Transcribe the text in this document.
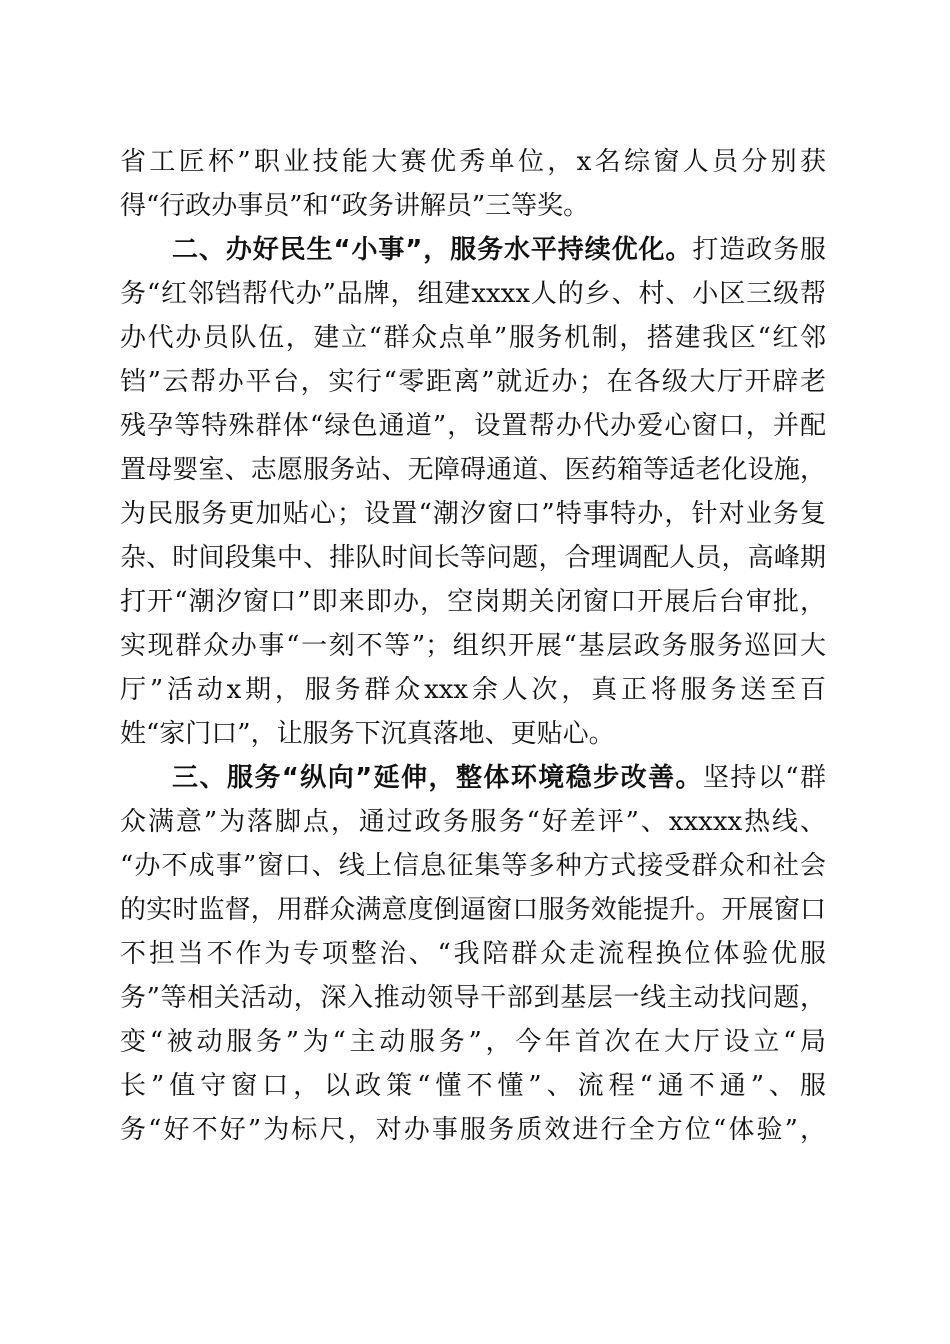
省工匠杯”职业技能大赛优秀单位，x名综窗人员分别获
得“行政办事员”和“政务讲解员”三等奖。
二、办好民生“小事”，服务水平持续优化。打造政务服
务“红邻铛帮代办”品牌，组建xxxx人的乡、村、小区三级帮
办代办员队伍，建立“群众点单”服务机制，搭建我区“红邻
铛”云帮办平台，实行“零距离”就近办；在各级大厅开辟老
残孕等特殊群体“绿色通道”，设置帮办代办爱心窗口，并配
置母婴室、志愿服务站、无障碍通道、医药箱等适老化设施，
为民服务更加贴心；设置“潮汐窗口”特事特办，针对业务复
杂、时间段集中、排队时间长等问题，合理调配人员，高峰期
打开“潮汐窗口”即来即办，空岗期关闭窗口开展后台审批，
实现群众办事“一刻不等”；组织开展“基层政务服务巡回大
厅”活动x期，服务群众xxx余人次，真正将服务送至百
姓“家门口”，让服务下沉真落地、更贴心。
三、服务“纵向”延伸，整体环境稳步改善。坚持以“群
众满意”为落脚点，通过政务服务“好差评”、xxxxx热线、
“办不成事”窗口、线上信息征集等多种方式接受群众和社会
的实时监督，用群众满意度倒逼窗口服务效能提升。开展窗口
不担当不作为专项整治、“我陪群众走流程换位体验优服
务”等相关活动，深入推动领导干部到基层一线主动找问题，
变“被动服务”为“主动服务”，今年首次在大厅设立“局
长”值守窗口，以政策“懂不懂”、流程“通不通”、服
务“好不好”为标尺，对办事服务质效进行全方位“体验”，
